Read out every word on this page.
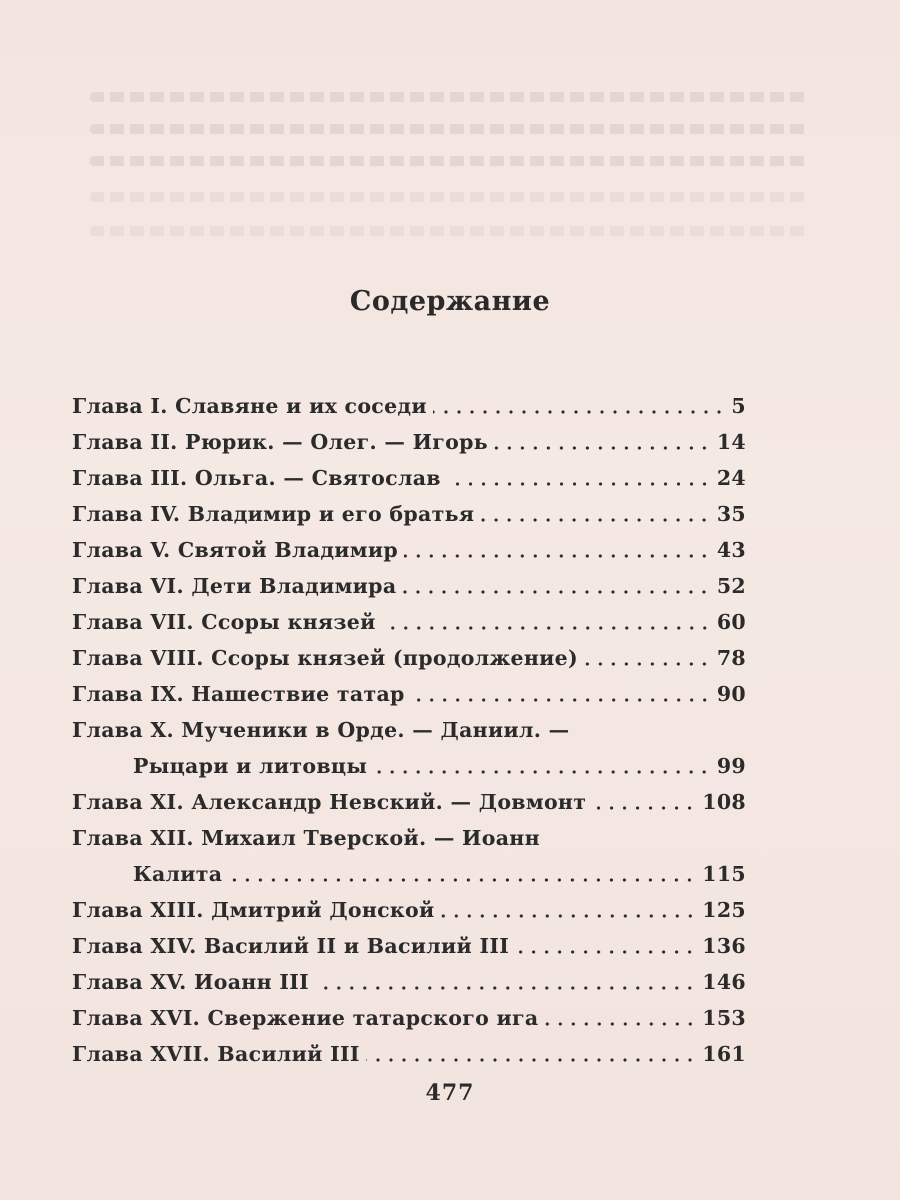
Содержание
Глава I. Славяне и их соседи	5
Глава II. Рюрик. — Олег. — Игорь	14
Глава III. Ольга. — Святослав	24
Глава IV. Владимир и его братья	35
Глава V. Святой Владимир	43
Глава VI. Дети Владимира	52
Глава VII. Ссоры князей	60
Глава VIII. Ссоры князей (продолжение)	78
Глава IX. Нашествие татар	90
Глава X. Мученики в Орде. — Даниил. —
Рыцари и литовцы	99
Глава XI. Александр Невский. — Довмонт	108
Глава XII. Михаил Тверской. — Иоанн
Калита	115
Глава XIII. Дмитрий Донской	125
Глава XIV. Василий II и Василий III	136
Глава XV. Иоанн III	146
Глава XVI. Свержение татарского ига	153
Глава XVII. Василий III	161
477
